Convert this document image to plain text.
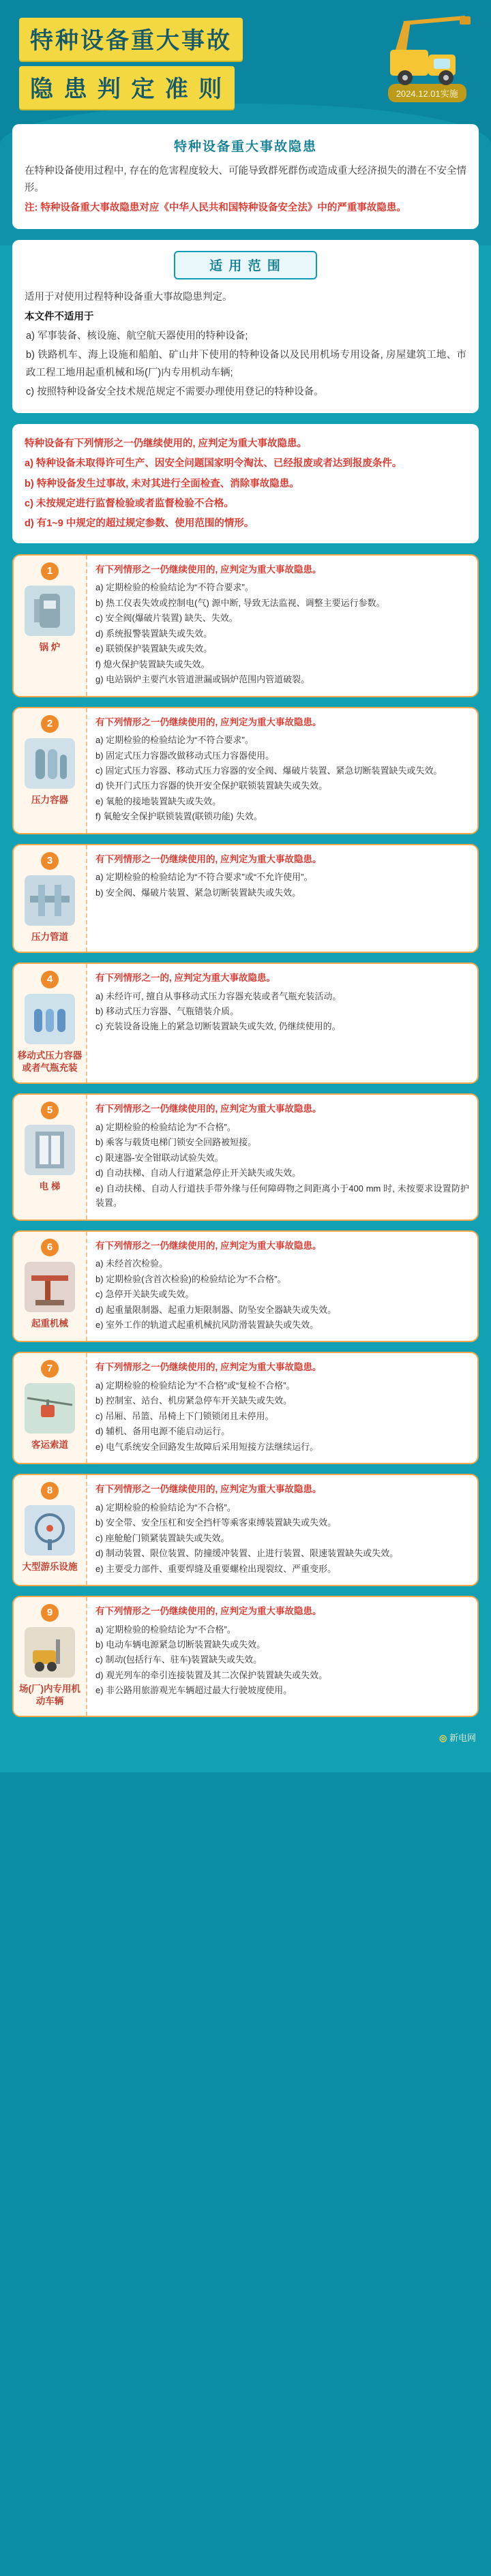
特种设备重大事故
隐 患 判 定 准 则	2024.12.01实施
特种设备重大事故隐患
在特种设备使用过程中, 存在的危害程度较大、可能导致群死群伤或造成重大经济损失的潜在不安全情形。
注: 特种设备重大事故隐患对应《中华人民共和国特种设备安全法》中的严重事故隐患。
适 用 范 围
适用于对使用过程特种设备重大事故隐患判定。
本文件不适用于
a) 军事装备、核设施、航空航天器使用的特种设备;
b) 铁路机车、海上设施和船舶、矿山井下使用的特种设备以及民用机场专用设备, 房屋建筑工地、市政工程工地用起重机械和场(厂)内专用机动车辆;
c) 按照特种设备安全技术规范规定不需要办理使用登记的特种设备。
特种设备有下列情形之一仍继续使用的, 应判定为重大事故隐患。
a) 特种设备未取得许可生产、因安全问题国家明令淘汰、已经报废或者达到报废条件。
b) 特种设备发生过事故, 未对其进行全面检查、消除事故隐患。
c) 未按规定进行监督检验或者监督检验不合格。
d) 有1~9 中规定的超过规定参数、使用范围的情形。
1
锅 炉
有下列情形之一仍继续使用的, 应判定为重大事故隐患。
a) 定期检验的检验结论为“不符合要求”。
b) 热工仪表失效或控制电(气) 源中断, 导致无法监视、调整主要运行参数。
c) 安全阀(爆破片装置) 缺失、失效。
d) 系统报警装置缺失或失效。
e) 联锁保护装置缺失或失效。
f) 熄火保护装置缺失或失效。
g) 电站锅炉主要汽水管道泄漏或锅炉范围内管道破裂。
2
压力容器
有下列情形之一仍继续使用的, 应判定为重大事故隐患。
a) 定期检验的检验结论为“不符合要求”。
b) 固定式压力容器改做移动式压力容器使用。
c) 固定式压力容器、移动式压力容器的安全阀、爆破片装置、紧急切断装置缺失或失效。
d) 快开门式压力容器的快开安全保护联锁装置缺失或失效。
e) 氧舱的接地装置缺失或失效。
f) 氧舱安全保护联锁装置(联锁功能) 失效。
3
压力管道
有下列情形之一仍继续使用的, 应判定为重大事故隐患。
a) 定期检验的检验结论为“不符合要求”或“不允许使用”。
b) 安全阀、爆破片装置、紧急切断装置缺失或失效。
4
移动式压力容器或者气瓶充装
有下列情形之一的, 应判定为重大事故隐患。
a) 未经许可, 擅自从事移动式压力容器充装或者气瓶充装活动。
b) 移动式压力容器、气瓶错装介质。
c) 充装设备设施上的紧急切断装置缺失或失效, 仍继续使用的。
5
电 梯
有下列情形之一仍继续使用的, 应判定为重大事故隐患。
a) 定期检验的检验结论为“不合格”。
b) 乘客与载货电梯门锁安全回路被短接。
c) 限速器-安全钳联动试验失效。
d) 自动扶梯、自动人行道紧急停止开关缺失或失效。
e) 自动扶梯、自动人行道扶手带外缘与任何障碍物之间距离小于400 mm 时, 未按要求设置防护装置。
6
起重机械
有下列情形之一仍继续使用的, 应判定为重大事故隐患。
a) 未经首次检验。
b) 定期检验(含首次检验)的检验结论为“不合格”。
c) 急停开关缺失或失效。
d) 起重量限制器、起重力矩限制器、防坠安全器缺失或失效。
e) 室外工作的轨道式起重机械抗风防滑装置缺失或失效。
7
客运索道
有下列情形之一仍继续使用的, 应判定为重大事故隐患。
a) 定期检验的检验结论为“不合格”或“复检不合格”。
b) 控制室、站台、机房紧急停车开关缺失或失效。
c) 吊厢、吊篮、吊椅上下门锁锁闭且未停用。
d) 辅机、备用电源不能启动运行。
e) 电气系统安全回路发生故障后采用短接方法继续运行。
8
大型游乐设施
有下列情形之一仍继续使用的, 应判定为重大事故隐患。
a) 定期检验的检验结论为“不合格”。
b) 安全带、安全压杠和安全挡杆等乘客束缚装置缺失或失效。
c) 座舱舱门锁紧装置缺失或失效。
d) 制动装置、限位装置、防撞缓冲装置、止进行装置、限速装置缺失或失效。
e) 主要受力部件、重要焊缝及重要螺栓出现裂纹、严重变形。
9
场(厂)内专用机动车辆
有下列情形之一仍继续使用的, 应判定为重大事故隐患。
a) 定期检验的检验结论为“不合格”。
b) 电动车辆电源紧急切断装置缺失或失效。
c) 制动(包括行车、驻车)装置缺失或失效。
d) 观光列车的牵引连接装置及其二次保护装置缺失或失效。
e) 非公路用旅游观光车辆超过最大行驶坡度使用。
◎ 新电网
